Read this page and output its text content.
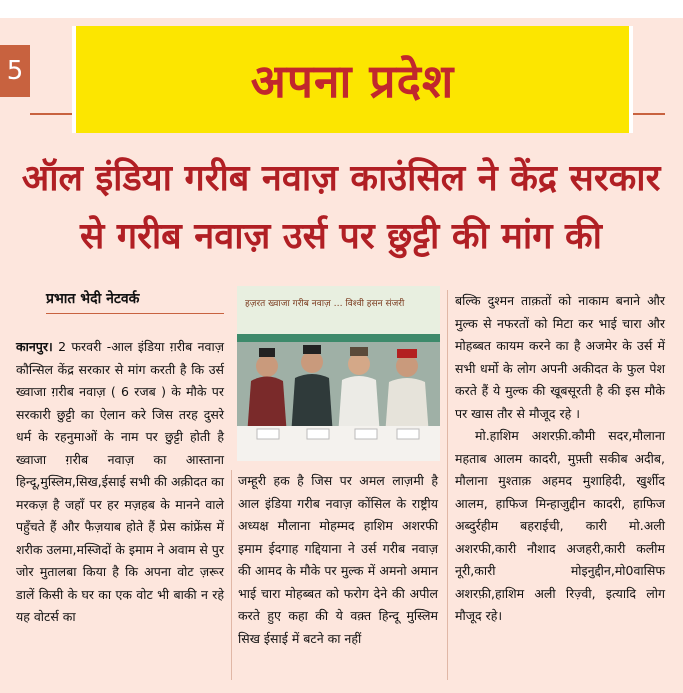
5	अपना प्रदेश
ऑल इंडिया गरीब नवाज़ काउंसिल ने केंद्र सरकार
से गरीब नवाज़ उर्स पर छुट्टी की मांग की
प्रभात भेदी नेटवर्क

कानपुर। 2 फरवरी -आल इंडिया ग़रीब नवाज़ कौन्सिल केंद्र सरकार से मांग करती है कि उर्स ख्वाजा ग़रीब नवाज़ ( 6 रजब ) के मौके पर सरकारी छुट्टी का ऐलान करे जिस तरह दुसरे धर्म के रहनुमाओं के नाम पर छुट्टी होती है ख्वाजा ग़रीब नवाज़ का आस्ताना हिन्दू,मुस्लिम,सिख,ईसाई सभी की अक़ीदत का मरकज़ है जहाँ पर हर मज़हब के मानने वाले पहुँचते हैं और फैज़याब होते हैं प्रेस कांफ्रेंस में शरीक उलमा,मस्जिदों के इमाम ने अवाम से पुर जोर मुतालबा किया है कि अपना वोट ज़रूर डालें किसी के घर का एक वोट भी बाकी न रहे यह वोटर्स का

हज़रत ख्वाजा गरीब नवाज़ … विश्वी हसन संजरी

जम्हूरी हक है जिस पर अमल लाज़मी है आल इंडिया गरीब नवाज़ कोंसिल के राष्ट्रीय अध्यक्ष मौलाना मोहम्मद हाशिम अशरफी इमाम ईदगाह गद्दियाना ने उर्स गरीब नवाज़ की आमद के मौके पर मुल्क में अमनो अमान भाई चारा मोहब्बत को फरोग देने की अपील करते हुए कहा की ये वक़्त हिन्दू मुस्लिम सिख ईसाई में बटने का नहीं

बल्कि दुश्मन ताक़तों को नाकाम बनाने और मुल्क से नफरतों को मिटा कर भाई चारा और मोहब्बत कायम करने का है अजमेर के उर्स में सभी धर्मो के लोग अपनी अकीदत के फुल पेश करते हैं ये मुल्क की खूबसूरती है की इस मौके पर खास तौर से मौजूद रहे ।

मो.हाशिम अशरफ़ी.कौमी सदर,मौलाना महताब आलम कादरी, मुफ़्ती सकीब अदीब, मौलाना मुश्ताक़ अहमद मुशाहिदी, खुर्शीद आलम, हाफिज मिन्हाजुद्दीन कादरी, हाफिज अब्दुर्रहीम बहराईची, कारी मो.अली अशरफी,कारी नौशाद अजहरी,कारी कलीम नूरी,कारी मोइनुद्दीन,मो0वासिफ अशरफ़ी,हाशिम अली रिज़्वी, इत्यादि लोग मौजूद रहे।
